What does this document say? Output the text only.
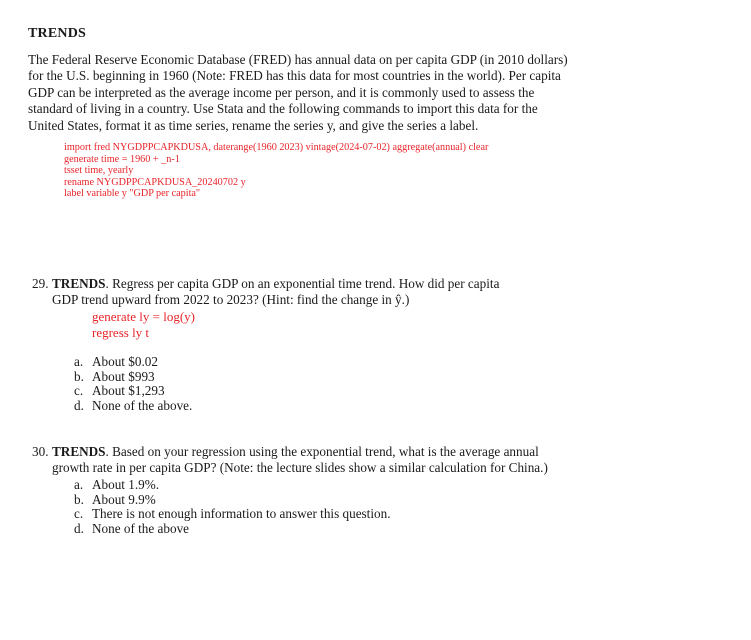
TRENDS

The Federal Reserve Economic Database (FRED) has annual data on per capita GDP (in 2010 dollars) for the U.S. beginning in 1960 (Note: FRED has this data for most countries in the world). Per capita GDP can be interpreted as the average income per person, and it is commonly used to assess the standard of living in a country. Use Stata and the following commands to import this data for the United States, format it as time series, rename the series y, and give the series a label.

import fred NYGDPPCAPKDUSA, daterange(1960 2023) vintage(2024-07-02) aggregate(annual) clear
generate time = 1960 + _n-1
tsset time, yearly
rename NYGDPPCAPKDUSA_20240702 y
label variable y "GDP per capita"
29. TRENDS. Regress per capita GDP on an exponential time trend. How did per capita
GDP trend upward from 2022 to 2023? (Hint: find the change in ŷ.)
generate ly = log(y)
regress ly t
a. About $0.02
b. About $993
c. About $1,293
d. None of the above.
30. TRENDS. Based on your regression using the exponential trend, what is the average annual growth rate in per capita GDP? (Note: the lecture slides show a similar calculation for China.)
a. About 1.9%.
b. About 9.9%
c. There is not enough information to answer this question.
d. None of the above
